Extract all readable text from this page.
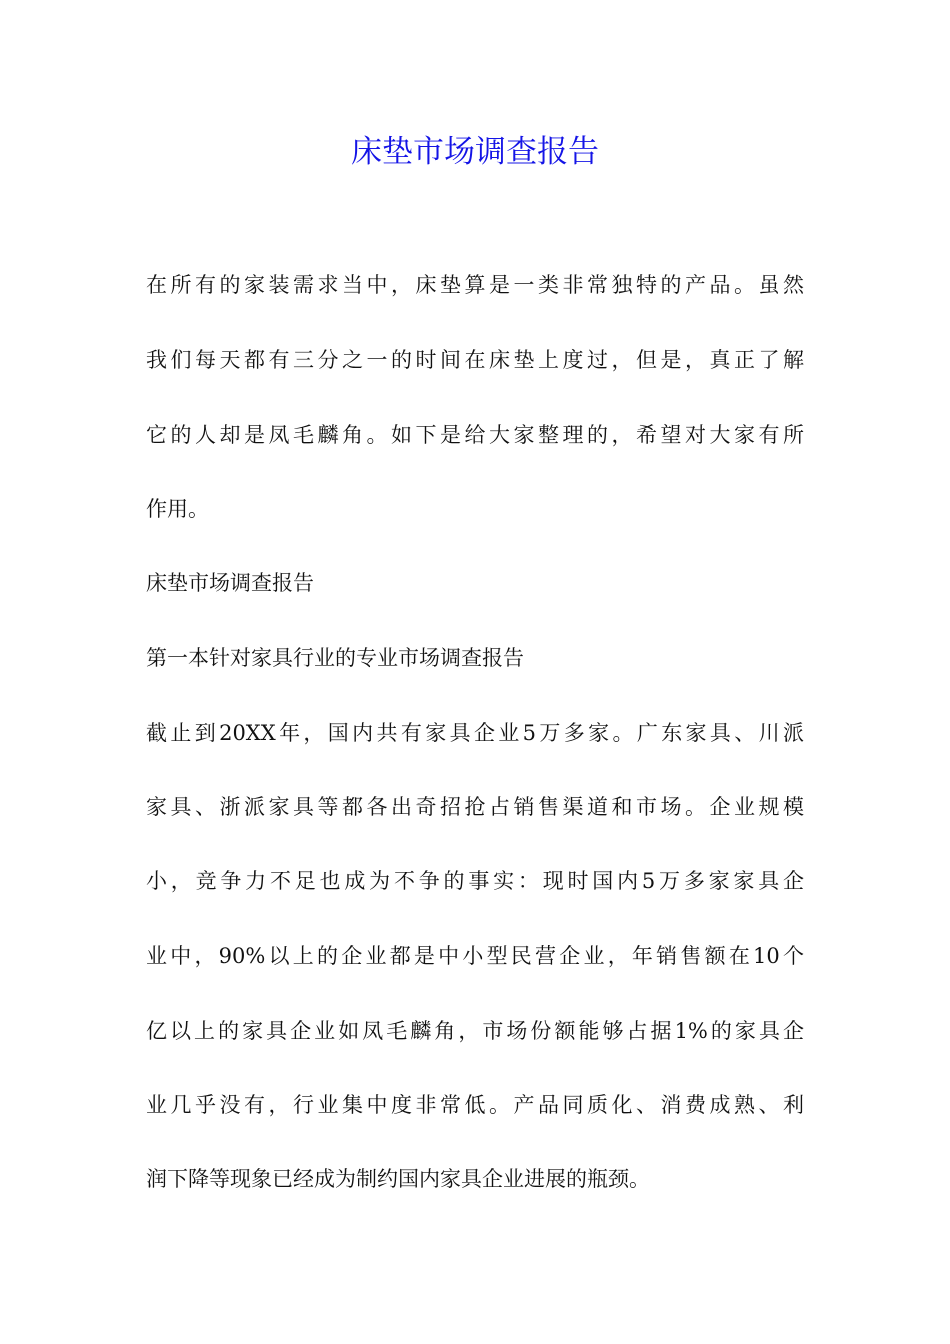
床垫市场调查报告

在所有的家装需求当中，床垫算是一类非常独特的产品。虽然

我们每天都有三分之一的时间在床垫上度过，但是，真正了解

它的人却是凤毛麟角。如下是给大家整理的，希望对大家有所

作用。

床垫市场调查报告

第一本针对家具行业的专业市场调查报告

截止到20XX年，国内共有家具企业5万多家。广东家具、川派

家具、浙派家具等都各出奇招抢占销售渠道和市场。企业规模

小，竞争力不足也成为不争的事实：现时国内5万多家家具企

业中，90%以上的企业都是中小型民营企业，年销售额在10个

亿以上的家具企业如凤毛麟角，市场份额能够占据1%的家具企

业几乎没有，行业集中度非常低。产品同质化、消费成熟、利

润下降等现象已经成为制约国内家具企业进展的瓶颈。
